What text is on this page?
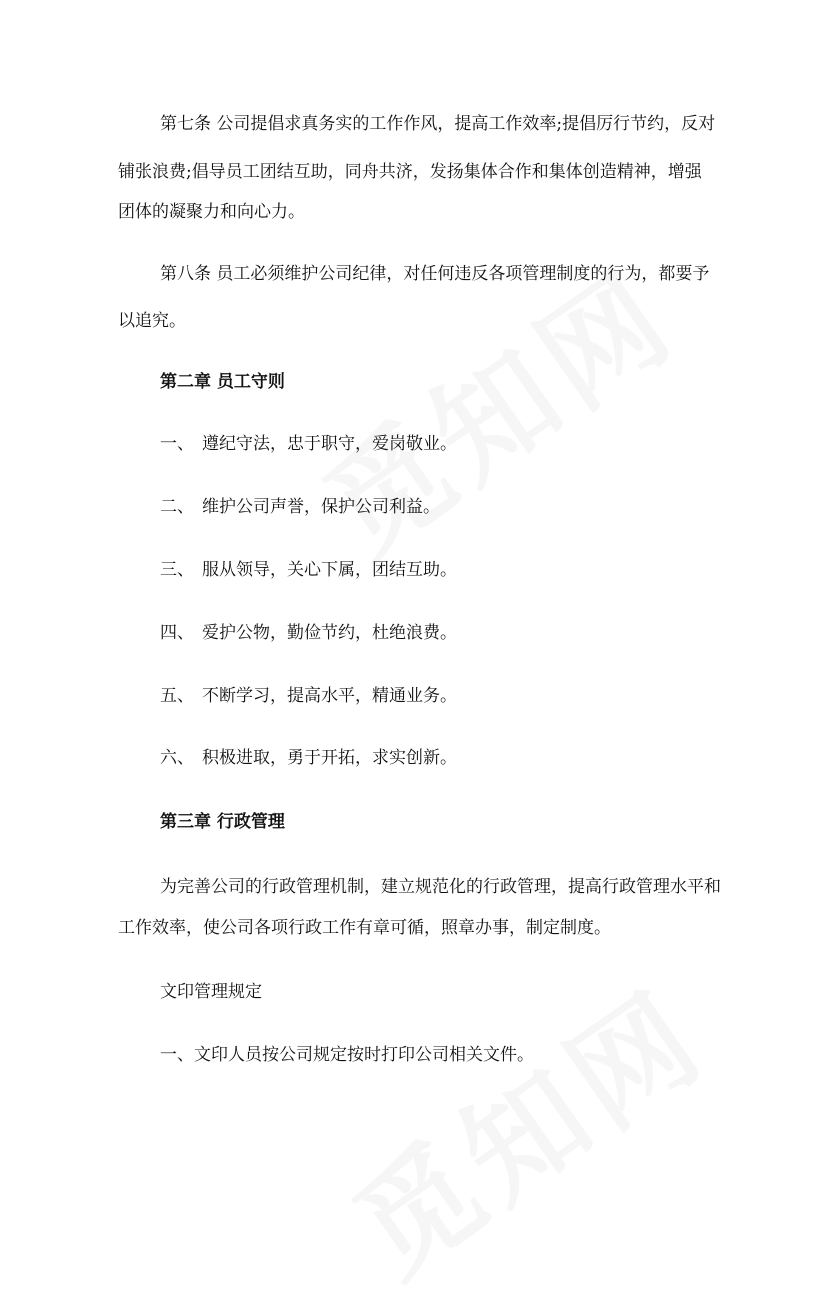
第七条 公司提倡求真务实的工作作风，提高工作效率;提倡厉行节约，反对
铺张浪费;倡导员工团结互助，同舟共济，发扬集体合作和集体创造精神，增强
团体的凝聚力和向心力。
第八条 员工必须维护公司纪律，对任何违反各项管理制度的行为，都要予
以追究。
第二章 员工守则
一、 遵纪守法，忠于职守，爱岗敬业。
二、 维护公司声誉，保护公司利益。
三、 服从领导，关心下属，团结互助。
四、 爱护公物，勤俭节约，杜绝浪费。
五、 不断学习，提高水平，精通业务。
六、 积极进取，勇于开拓，求实创新。
第三章 行政管理
为完善公司的行政管理机制，建立规范化的行政管理，提高行政管理水平和
工作效率，使公司各项行政工作有章可循，照章办事，制定制度。
文印管理规定
一、文印人员按公司规定按时打印公司相关文件。
